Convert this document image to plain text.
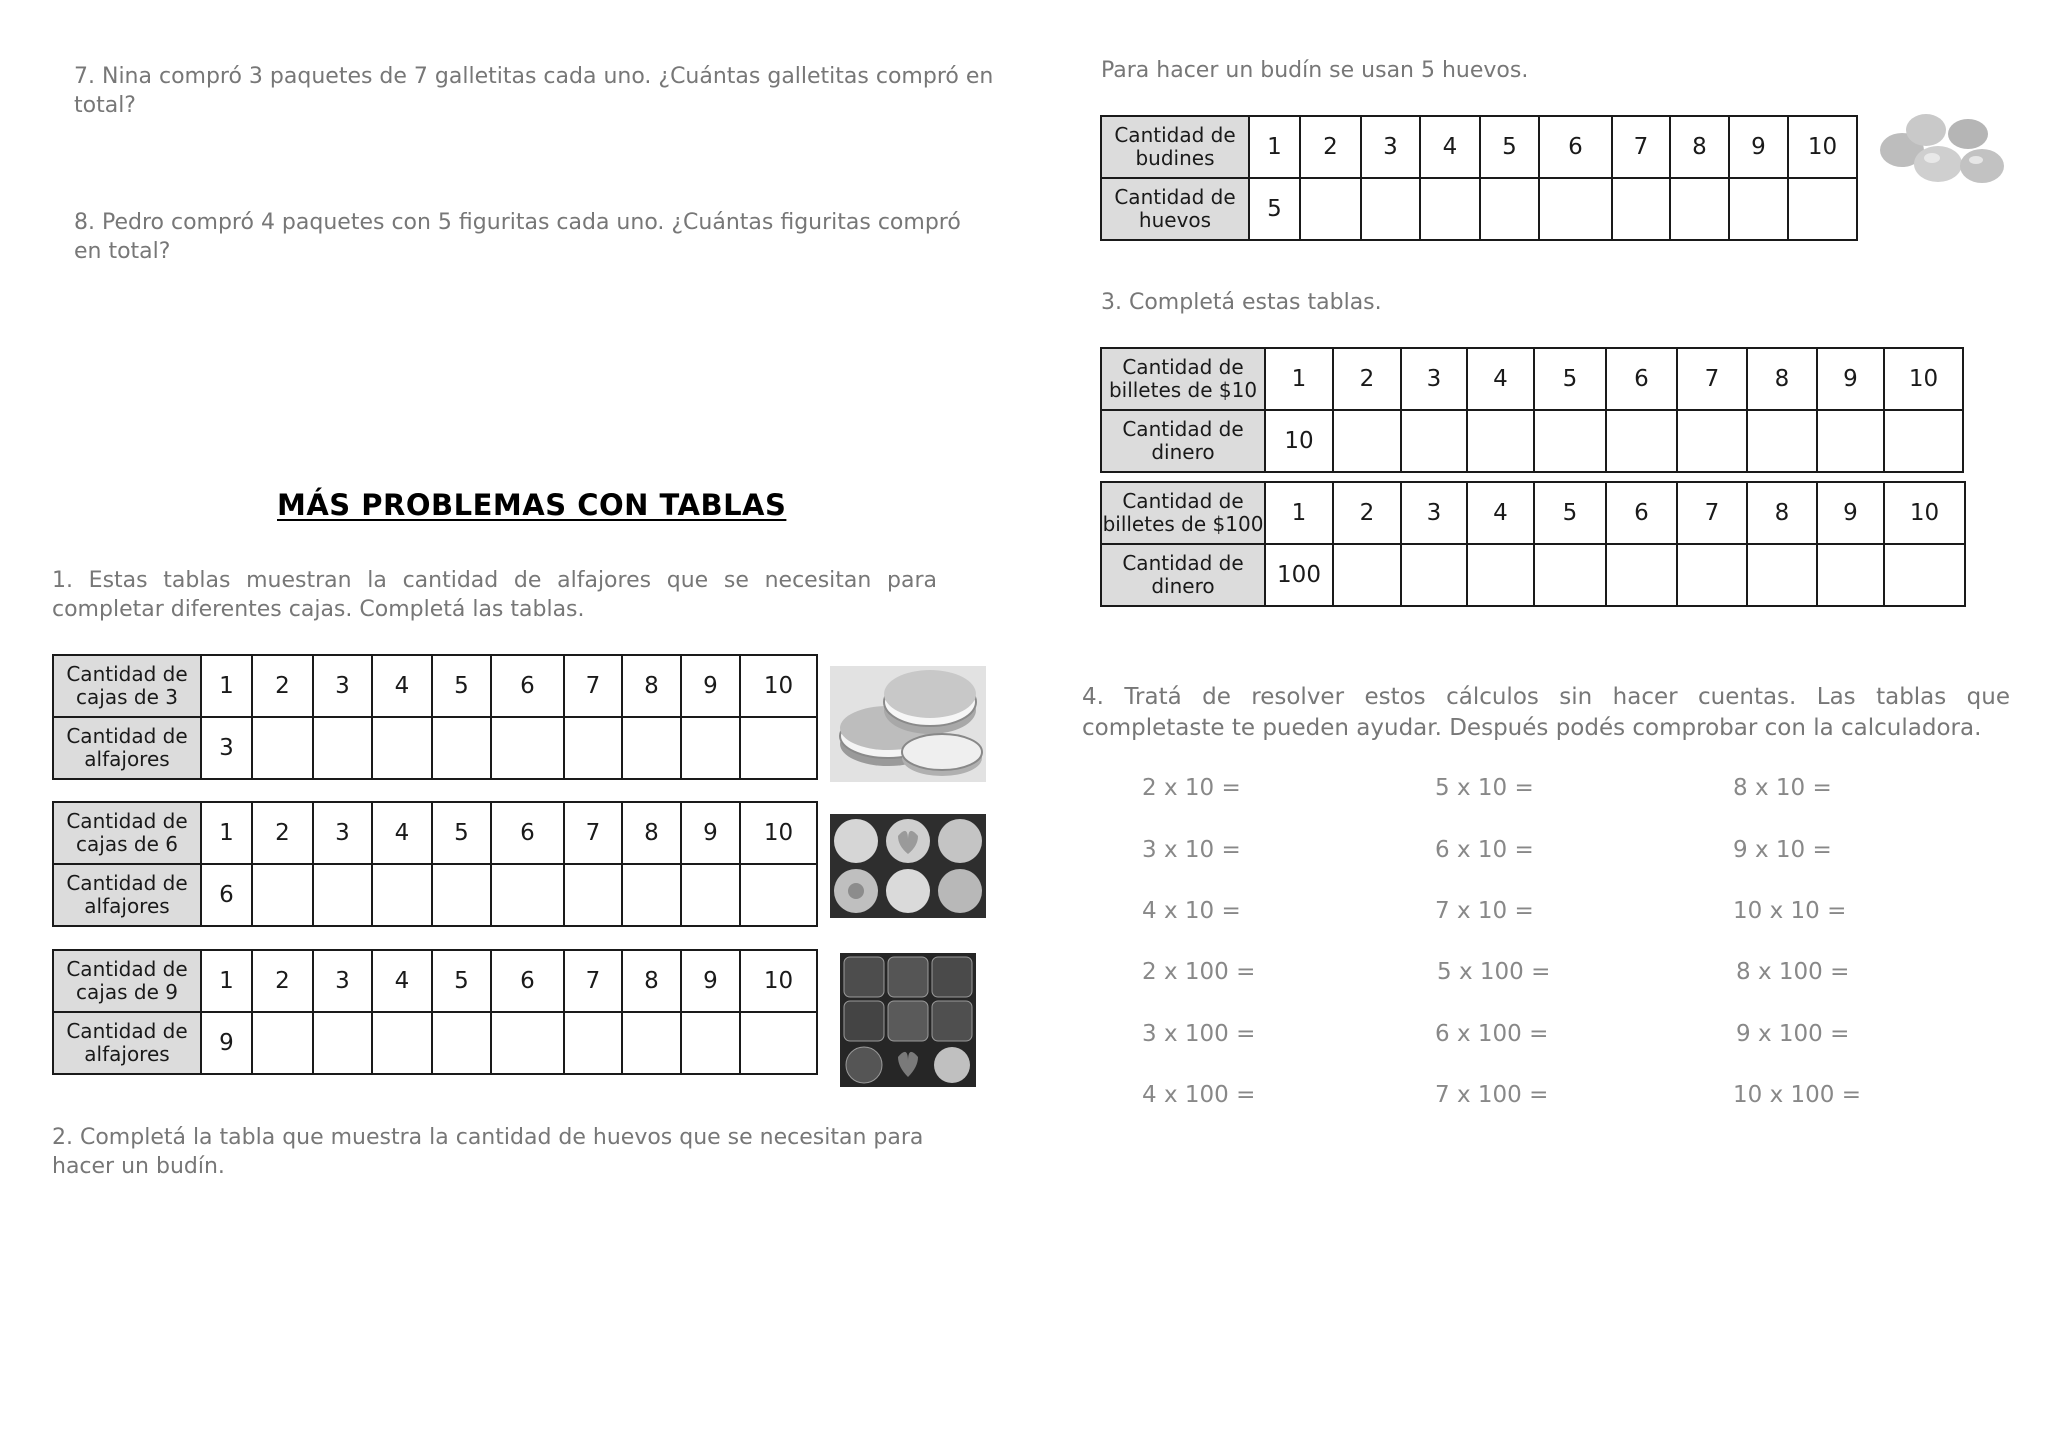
7. Nina compró 3 paquetes de 7 galletitas cada uno. ¿Cuántas galletitas compró en total?
8. Pedro compró 4 paquetes con 5 figuritas cada uno. ¿Cuántas figuritas compró en total?
MÁS PROBLEMAS CON TABLAS
1. Estas tablas muestran la cantidad de alfajores que se necesitan para completar diferentes cajas. Completá las tablas.
Cantidad de cajas de 3	1	2	3	4	5	6	7	8	9	10
Cantidad de alfajores	3									
Cantidad de cajas de 6	1	2	3	4	5	6	7	8	9	10
Cantidad de alfajores	6									
Cantidad de cajas de 9	1	2	3	4	5	6	7	8	9	10
Cantidad de alfajores	9									
2. Completá la tabla que muestra la cantidad de huevos que se necesitan para hacer un budín.
Para hacer un budín se usan 5 huevos.
Cantidad de budines	1	2	3	4	5	6	7	8	9	10
Cantidad de huevos	5									
3. Completá estas tablas.
Cantidad de billetes de $10	1	2	3	4	5	6	7	8	9	10
Cantidad de dinero	10									
Cantidad de billetes de $100	1	2	3	4	5	6	7	8	9	10
Cantidad de dinero	100									
4. Tratá de resolver estos cálculos sin hacer cuentas. Las tablas que completaste te pueden ayudar. Después podés comprobar con la calculadora.
2 x 10 =	5 x 10 =	8 x 10 =
3 x 10 =	6 x 10 =	9 x 10 =
4 x 10 =	7 x 10 =	10 x 10 =
2 x 100 =	5 x 100 =	8 x 100 =
3 x 100 =	6 x 100 =	9 x 100 =
4 x 100 =	7 x 100 =	10 x 100 =
